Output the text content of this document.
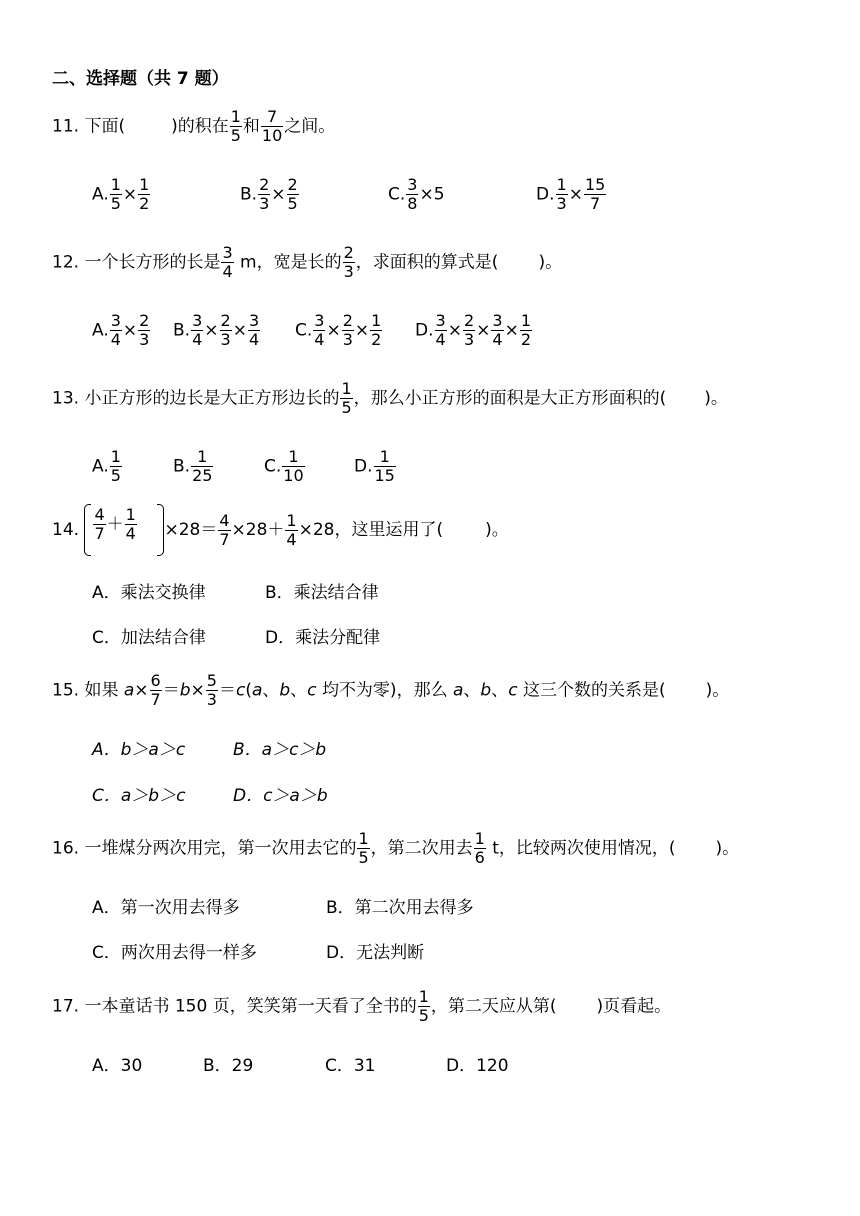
二、选择题（共 7 题）
11. 下面(	)的积在 $\frac{1}{5}$ 和 $\frac{7}{10}$ 之间。
A. $\frac{1}{5} \times \frac{1}{2}$	B. $\frac{2}{3} \times \frac{2}{5}$	C. $\frac{3}{8} \times 5$	D. $\frac{1}{3} \times \frac{15}{7}$
12. 一个长方形的长是 $\frac{3}{4}$ m，宽是长的 $\frac{2}{3}$ ，求面积的算式是( )。
A. $\frac{3}{4} \times \frac{2}{3} B$. $\frac{3}{4} \times \frac{2}{3} \times \frac{3}{4} C$. $\frac{3}{4} \times \frac{2}{3} \times \frac{1}{2} D$. $\frac{3}{4} \times \frac{2}{3} \times \frac{3}{4} \times \frac{1}{2}$
13. 小正方形的边长是大正方形边长的 $\frac{1}{5}$ ，那么小正方形的面积是大正方形面积的( )。
A. $\frac{1}{5}$	B. $\frac{1}{25}$	C. $\frac{1}{10}$	D. $\frac{1}{15}$
14. $\frac{4}{7} + \frac{1}{4} \times 28= \frac{4}{7} \times 28+ \frac{1}{4} \times 28$，这里运用了( )。
A．乘法交换律	B．乘法结合律
C．加法结合律	D．乘法分配律
15. 如果 $a\times \frac{6}{7} =b\times \frac{5}{3} =c(a$、b、c 均不为零)，那么 a、b、c 这三个数的关系是( )。
A．b＞a＞c	B．a＞c＞b
C．a＞b＞c	D．c＞a＞b
16. 一堆煤分两次用完，第一次用去它的 $\frac{1}{5}$ ，第二次用去 $\frac{1}{6}$ t，比较两次使用情况，( )。
A．第一次用去得多	B．第二次用去得多
C．两次用去得一样多	D．无法判断
17. 一本童话书 150 页，笑笑第一天看了全书的 $\frac{1}{5}$ ，第二天应从第( )页看起。
A．30	B．29	C．31	D．120
